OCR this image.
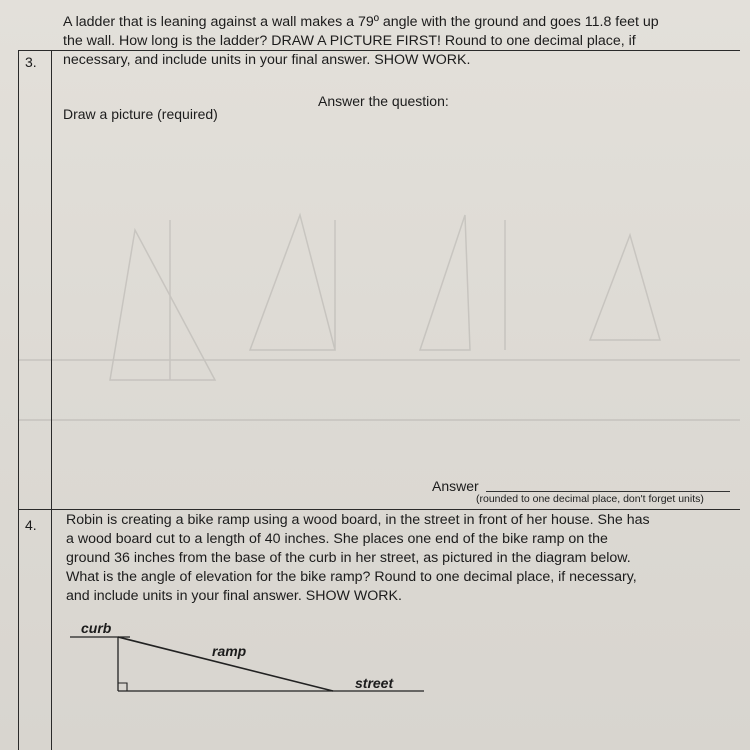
3.
A ladder that is leaning against a wall makes a 79º angle with the ground and goes 11.8 feet up
the wall. How long is the ladder? DRAW A PICTURE FIRST! Round to one decimal place, if
necessary, and include units in your final answer. SHOW WORK.
Draw a picture (required)
Answer the question:
Answer
(rounded to one decimal place, don't forget units)
4. Robin is creating a bike ramp using a wood board, in the street in front of her house. She has
a wood board cut to a length of 40 inches. She places one end of the bike ramp on the
ground 36 inches from the base of the curb in her street, as pictured in the diagram below.
What is the angle of elevation for the bike ramp? Round to one decimal place, if necessary,
and include units in your final answer. SHOW WORK.
curb
ramp
street
